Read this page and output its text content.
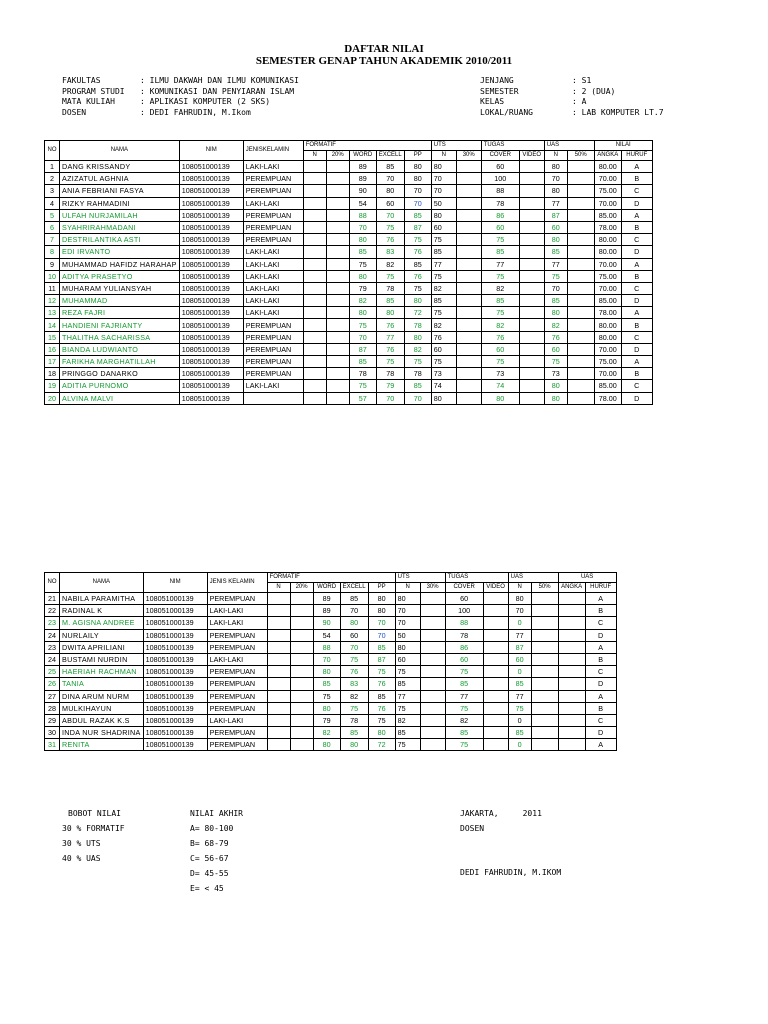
DAFTAR NILAI
SEMESTER GENAP TAHUN AKADEMIK 2010/2011
FAKULTAS	: ILMU DAKWAH DAN ILMU KOMUNIKASI
PROGRAM STUDI : KOMUNIKASI DAN PENYIARAN ISLAM
MATA KULIAH	: APLIKASI KOMPUTER (2 SKS)
DOSEN	: DEDI FAHRUDIN, M.Ikom
JENJANG	: S1
SEMESTER	: 2 (DUA)
KELAS	: A
LOKAL/RUANG	: LAB KOMPUTER LT.7
NO	NAMA	NIM	JENISKELAMIN	FORMATIF					UTS		TUGAS		UAS		NILAI	
				N	20%	WORD	EXCELL	PP	N	30%	COVER	VIDEO	N	50%	ANGKA	HURUF
1	DANG KRISSANDY	108051000139	LAKI-LAKI			89	85	80	80		60		80		80.00	A
2	AZIZATUL AGHNIA	108051000139	PEREMPUAN			89	70	80	70		100		70		70.00	B
3	ANIA FEBRIANI FASYA	108051000139	PEREMPUAN			90	80	70	70		88		80		75.00	C
4	RIZKY RAHMADINI	108051000139	LAKI-LAKI			54	60	70	50		78		77		70.00	D
5	ULFAH NURJAMILAH	108051000139	PEREMPUAN			88	70	85	80		86		87		85.00	A
6	SYAHRIRAHMADANI	108051000139	PEREMPUAN			70	75	87	60		60		60		78.00	B
7	DESTRILANTIKA ASTI	108051000139	PEREMPUAN			80	76	75	75		75		80		80.00	C
8	EDI IRVANTO	108051000139	LAKI-LAKI			85	83	76	85		85		85		80.00	D
9	MUHAMMAD HAFIDZ HARAHAP	108051000139	LAKI-LAKI			75	82	85	77		77		77		70.00	A
10	ADITYA PRASETYO	108051000139	LAKI-LAKI			80	75	76	75		75		75		75.00	B
11	MUHARAM YULIANSYAH	108051000139	LAKI-LAKI			79	78	75	82		82		70		70.00	C
12	MUHAMMAD	108051000139	LAKI-LAKI			82	85	80	85		85		85		85.00	D
13	REZA FAJRI	108051000139	LAKI-LAKI			80	80	72	75		75		80		78.00	A
14	HANDIENI FAJRIANTY	108051000139	PEREMPUAN			75	76	78	82		82		82		80.00	B
15	THALITHA SACHARISSA	108051000139	PEREMPUAN			70	77	80	76		76		76		80.00	C
16	BIANDA LUDWIANTO	108051000139	PEREMPUAN			87	76	82	60		60		60		70.00	D
17	FARIKHA MARGHATILLAH	108051000139	PEREMPUAN			85	75	75	75		75		75		75.00	A
18	PRINGGO DANARKO	108051000139	PEREMPUAN			78	78	78	73		73		73		70.00	B
19	ADITIA PURNOMO	108051000139	LAKI-LAKI			75	79	85	74		74		80		85.00	C
20	ALVINA MALVI	108051000139				57	70	70	80		80		80		78.00	D
NO	NAMA	NIM	JENIS KELAMIN	FORMATIF					UTS		TUGAS		UAS		UAS	
				N	20%	WORD	EXCELL	PP	N	30%	COVER	VIDEO	N	50%	ANGKA	HURUF
21	NABILA PARAMITHA	108051000139	PEREMPUAN			89	85	80	80		60		80			A
22	RADINAL K	108051000139	LAKI-LAKI			89	70	80	70		100		70			B
23	M. AGISNA ANDREE	108051000139	LAKI-LAKI			90	80	70	70		88		0			C
24	NURLAILY	108051000139	PEREMPUAN			54	60	70	50		78		77			D
23	DWITA APRILIANI	108051000139	PEREMPUAN			88	70	85	80		86		87			A
24	BUSTAMI NURDIN	108051000139	LAKI-LAKI			70	75	87	60		60		60			B
25	HAERIAH RACHMAN	108051000139	PEREMPUAN			80	76	75	75		75		0			C
26	TANIA	108051000139	PEREMPUAN			85	83	76	85		85		85			D
27	DINA ARUM NURM	108051000139	PEREMPUAN			75	82	85	77		77		77			A
28	MULKIHAYUN	108051000139	PEREMPUAN			80	75	76	75		75		75			B
29	ABDUL RAZAK K.S	108051000139	LAKI-LAKI			79	78	75	82		82		0			C
30	INDA NUR SHADRINA	108051000139	PEREMPUAN			82	85	80	85		85		85			D
31	RENITA	108051000139	PEREMPUAN			80	80	72	75		75		0			A
BOBOT NILAI
30 % FORMATIF
30 % UTS
40 % UAS
NILAI AKHIR
A= 80-100
B= 68-79
C= 56-67
D= 45-55
E= < 45
JAKARTA,     2011
DOSEN
DEDI FAHRUDIN, M.IKOM
